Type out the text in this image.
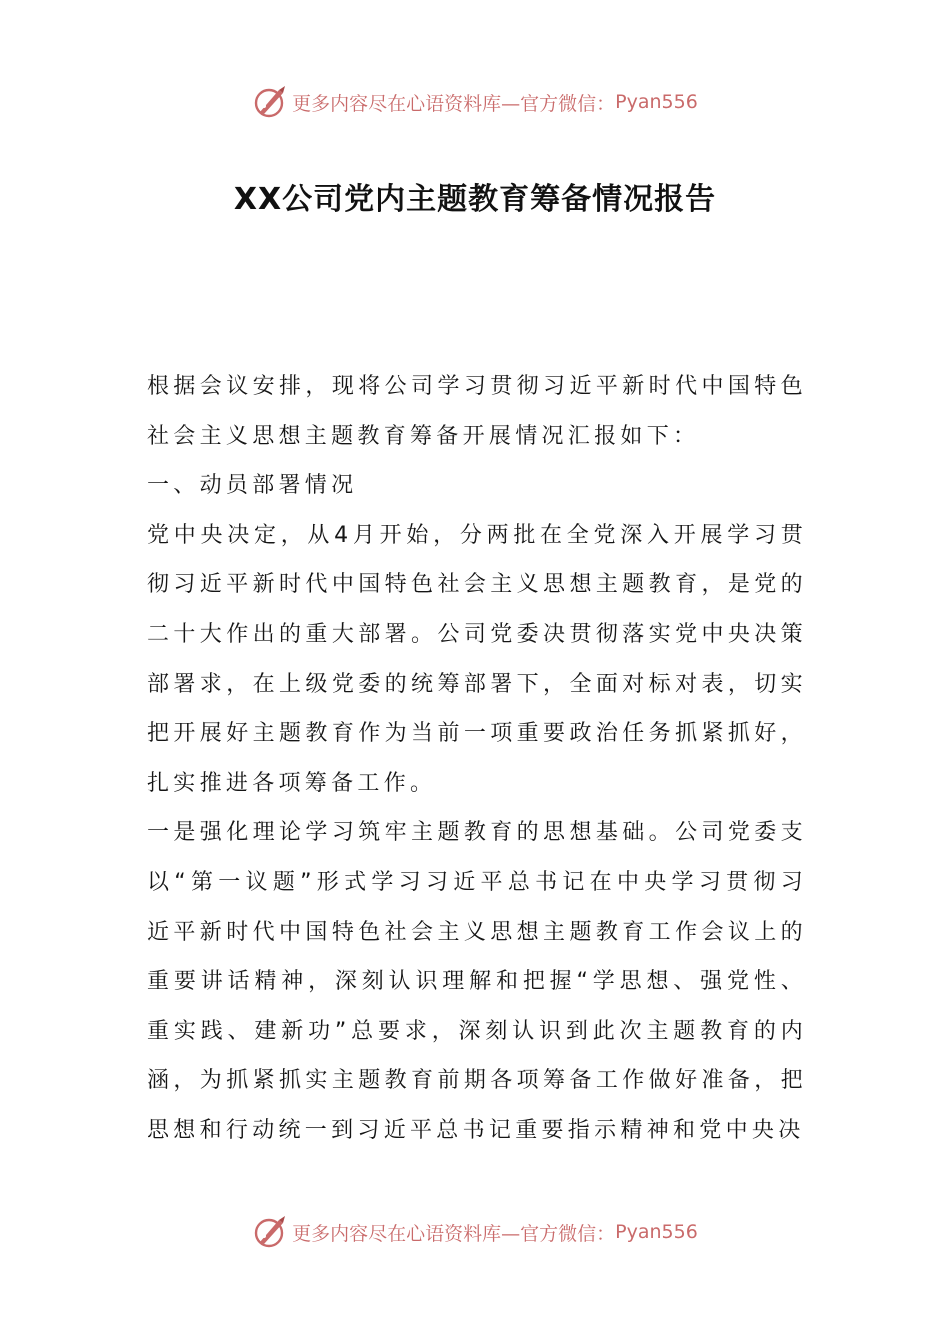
更多内容尽在心语资料库—官方微信： Pyan556
XX公司党内主题教育筹备情况报告

根据会议安排，现将公司学习贯彻习近平新时代中国特色社会主义思想主题教育筹备开展情况汇报如下：

一、动员部署情况

党中央决定，从4月开始，分两批在全党深入开展学习贯彻习近平新时代中国特色社会主义思想主题教育，是党的二十大作出的重大部署。公司党委决贯彻落实党中央决策部署求，在上级党委的统筹部署下，全面对标对表，切实把开展好主题教育作为当前一项重要政治任务抓紧抓好，扎实推进各项筹备工作。

一是强化理论学习筑牢主题教育的思想基础。公司党委支以“第一议题”形式学习习近平总书记在中央学习贯彻习近平新时代中国特色社会主义思想主题教育工作会议上的重要讲话精神，深刻认识理解和把握“学思想、强党性、重实践、建新功”总要求，深刻认识到此次主题教育的内涵，为抓紧抓实主题教育前期各项筹备工作做好准备，把思想和行动统一到习近平总书记重要指示精神和党中央决

更多内容尽在心语资料库—官方微信： Pyan556
